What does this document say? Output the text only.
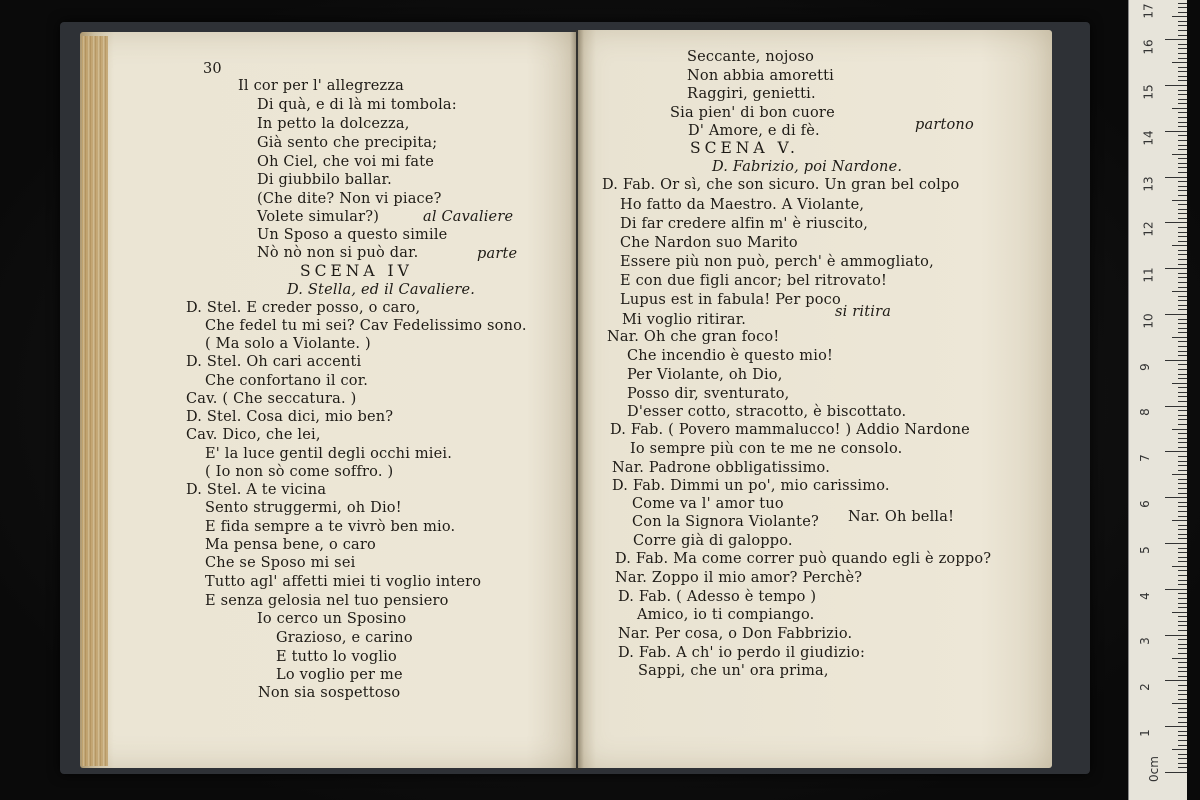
30
Il cor per l' allegrezza
Di quà, e di là mi tombola:
In petto la dolcezza,
Già sento che precipita;
Oh Ciel, che voi mi fate
Di giubbilo ballar.
(Che dite? Non vi piace?
Volete simular?)	al Cavaliere
Un Sposo a questo simile
Nò nò non si può dar.	parte
SCENA IV
D. Stella, ed il Cavaliere.
D. Stel. E creder posso, o caro,
Che fedel tu mi sei? Cav Fedelissimo sono.
( Ma solo a Violante. )
D. Stel. Oh cari accenti
Che confortano il cor.
Cav. ( Che seccatura. )
D. Stel. Cosa dici, mio ben?
Cav. Dico, che lei,
E' la luce gentil degli occhi miei.
( Io non sò come soffro. )
D. Stel. A te vicina
Sento struggermi, oh Dio!
E fida sempre a te vivrò ben mio.
Ma pensa bene, o caro
Che se Sposo mi sei
Tutto agl' affetti miei ti voglio intero
E senza gelosia nel tuo pensiero
Io cerco un Sposino
Grazioso, e carino
E tutto lo voglio
Lo voglio per me
Non sia sospettoso
Seccante, nojoso
Non abbia amoretti
Raggiri, genietti.
Sia pien' di bon cuore
D' Amore, e di fè.	partono
SCENA V.
D. Fabrizio, poi Nardone.
D. Fab. Or sì, che son sicuro. Un gran bel colpo
Ho fatto da Maestro. A Violante,
Di far credere alfin m' è riuscito,
Che Nardon suo Marito
Essere più non può, perch' è ammogliato,
E con due figli ancor; bel ritrovato!
Lupus est in fabula! Per poco
Mi voglio ritirar.	si ritira
Nar. Oh che gran foco!
Che incendio è questo mio!
Per Violante, oh Dio,
Posso dir, sventurato,
D'esser cotto, stracotto, è biscottato.
D. Fab. ( Povero mammalucco! ) Addio Nardone
Io sempre più con te me ne consolo.
Nar. Padrone obbligatissimo.
D. Fab. Dimmi un po', mio carissimo.
Come va l' amor tuo
Con la Signora Violante? Nar. Oh bella!
Corre già di galoppo.
D. Fab. Ma come correr può quando egli è zoppo?
Nar. Zoppo il mio amor? Perchè?
D. Fab. ( Adesso è tempo )
Amico, io ti compiango.
Nar. Per cosa, o Don Fabbrizio.
D. Fab. A ch' io perdo il giudizio:
Sappi, che un' ora prima,
0cm
1
2
3
4
5
6
7
8
9
10
11
12
13
14
15
16
17
